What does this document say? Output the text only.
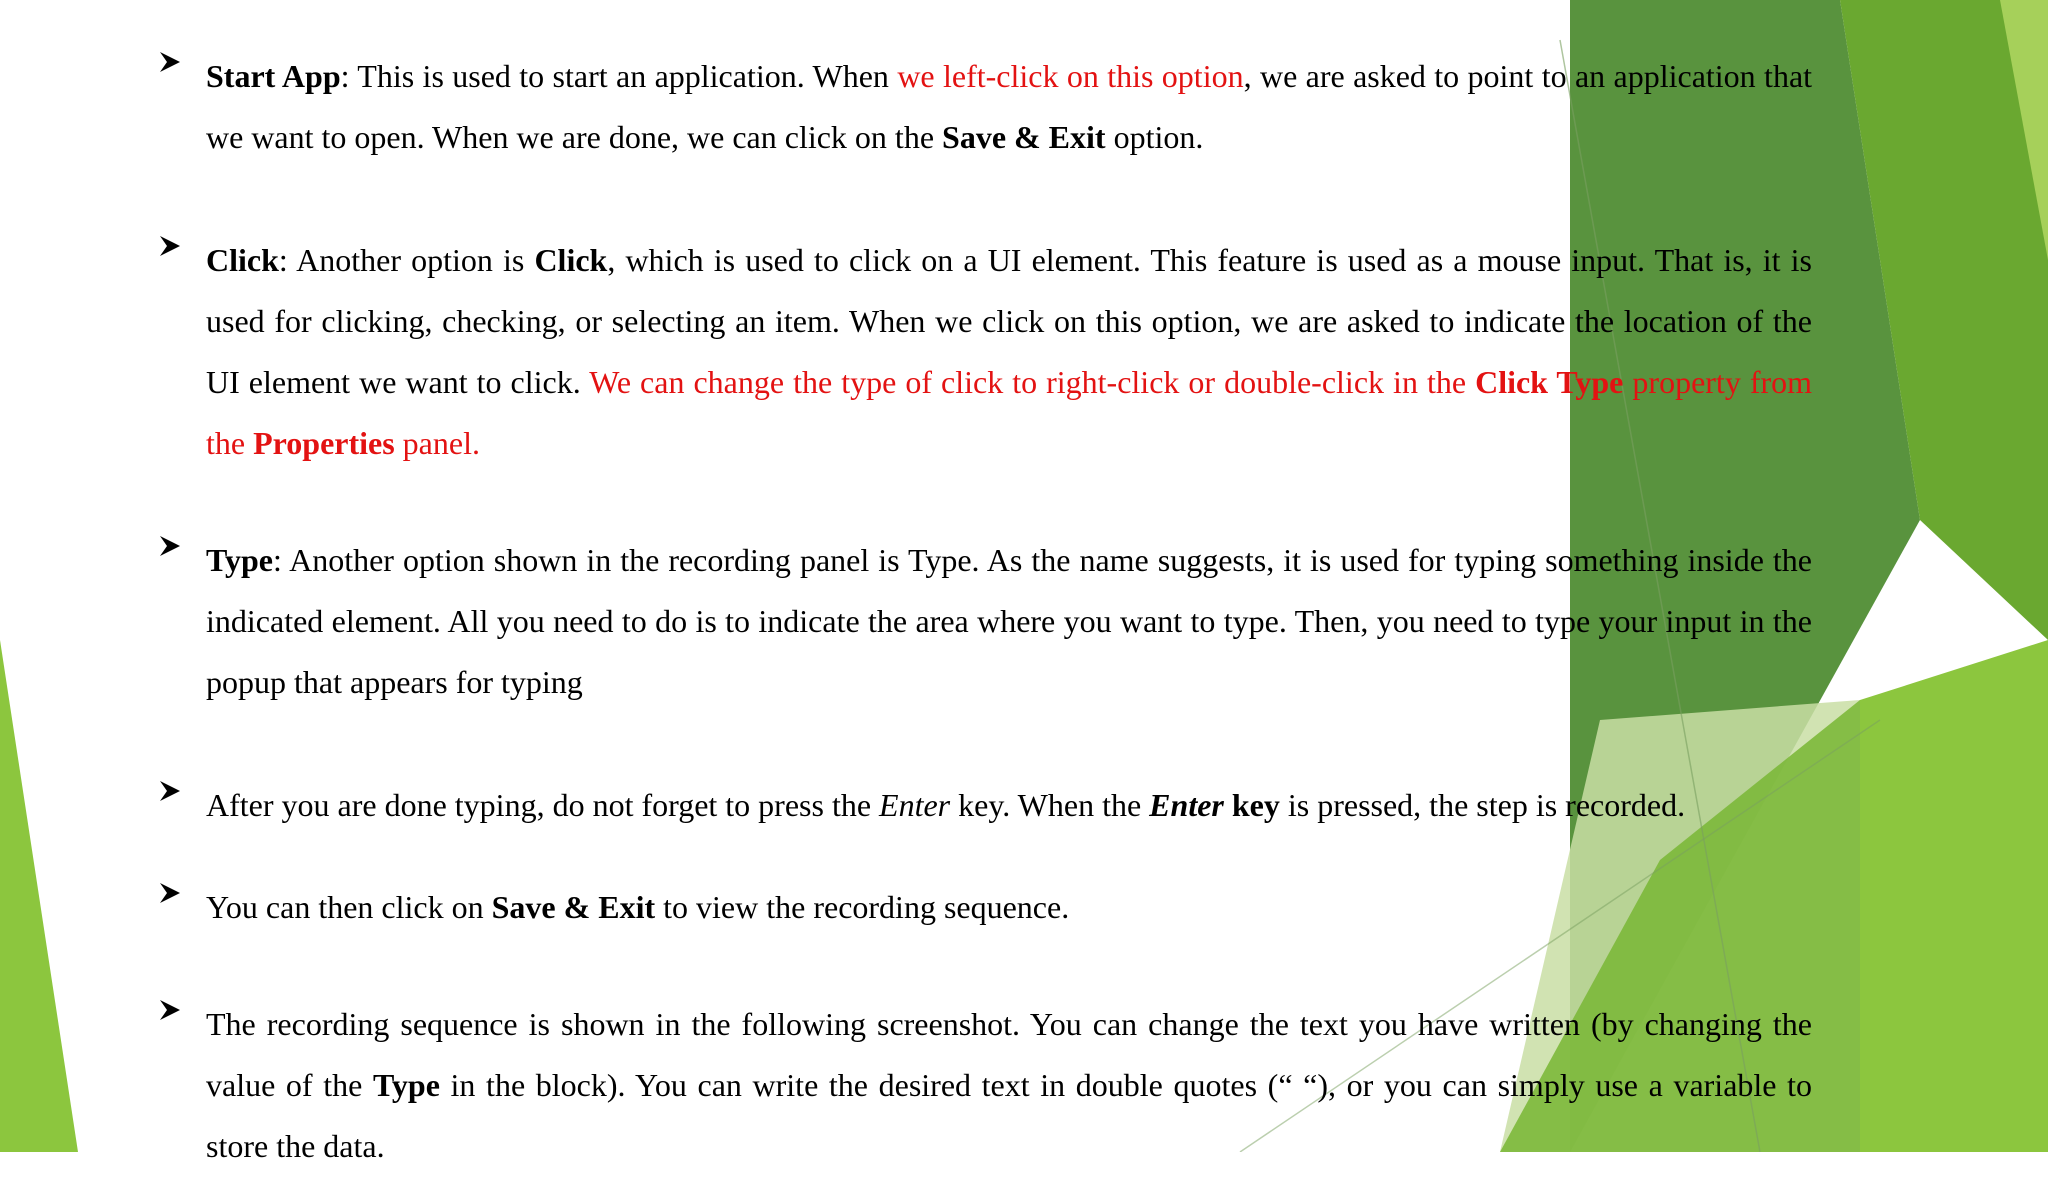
Start App: This is used to start an application. When we left-click on this option, we are asked to point to an application that we want to open. When we are done, we can click on the Save & Exit option.
Click: Another option is Click, which is used to click on a UI element. This feature is used as a mouse input. That is, it is used for clicking, checking, or selecting an item. When we click on this option, we are asked to indicate the location of the UI element we want to click. We can change the type of click to right-click or double-click in the Click Type property from the Properties panel.
Type: Another option shown in the recording panel is Type. As the name suggests, it is used for typing something inside the indicated element. All you need to do is to indicate the area where you want to type. Then, you need to type your input in the popup that appears for typing
After you are done typing, do not forget to press the Enter key. When the Enter key is pressed, the step is recorded.
You can then click on Save & Exit to view the recording sequence.
The recording sequence is shown in the following screenshot. You can change the text you have written (by changing the value of the Type in the block). You can write the desired text in double quotes (“ “), or you can simply use a variable to store the data.
